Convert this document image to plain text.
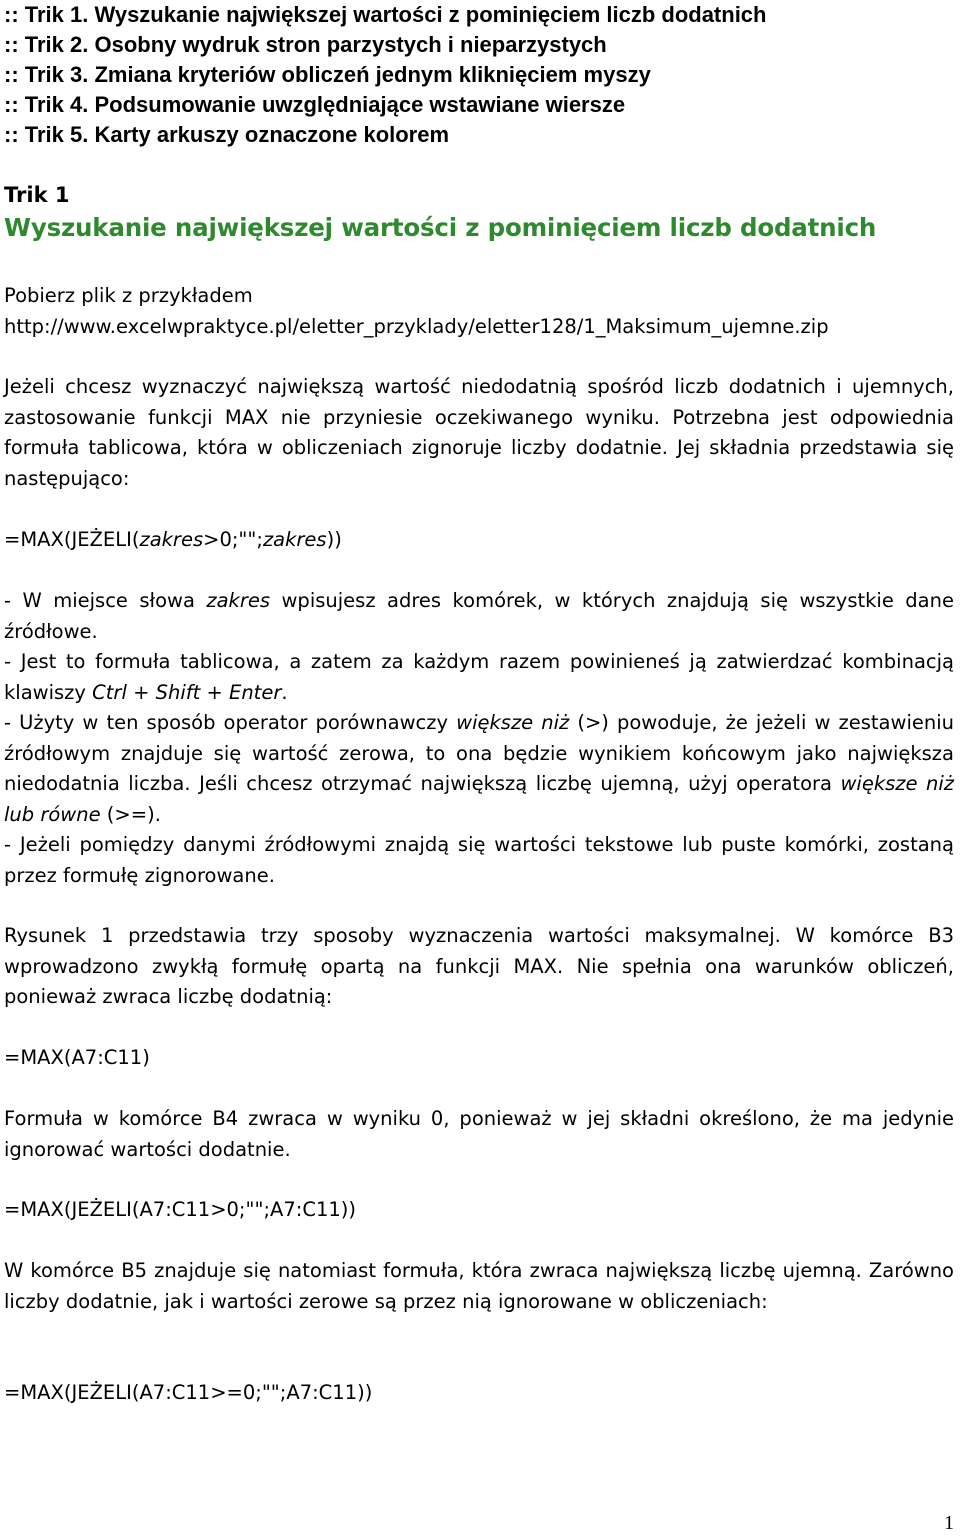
:: Trik 1. Wyszukanie największej wartości z pominięciem liczb dodatnich
:: Trik 2. Osobny wydruk stron parzystych i nieparzystych
:: Trik 3. Zmiana kryteriów obliczeń jednym kliknięciem myszy
:: Trik 4. Podsumowanie uwzględniające wstawiane wiersze
:: Trik 5. Karty arkuszy oznaczone kolorem
Trik 1
Wyszukanie największej wartości z pominięciem liczb dodatnich
Pobierz plik z przykładem
http://www.excelwpraktyce.pl/eletter_przyklady/eletter128/1_Maksimum_ujemne.zip
Jeżeli chcesz wyznaczyć największą wartość niedodatnią spośród liczb dodatnich i ujemnych, zastosowanie funkcji MAX nie przyniesie oczekiwanego wyniku. Potrzebna jest odpowiednia formuła tablicowa, która w obliczeniach zignoruje liczby dodatnie. Jej składnia przedstawia się następująco:
=MAX(JEŻELI(zakres>0;"";zakres))
- W miejsce słowa zakres wpisujesz adres komórek, w których znajdują się wszystkie dane źródłowe.
- Jest to formuła tablicowa, a zatem za każdym razem powinieneś ją zatwierdzać kombinacją klawiszy Ctrl + Shift + Enter.
- Użyty w ten sposób operator porównawczy większe niż (>) powoduje, że jeżeli w zestawieniu źródłowym znajduje się wartość zerowa, to ona będzie wynikiem końcowym jako największa niedodatnia liczba. Jeśli chcesz otrzymać największą liczbę ujemną, użyj operatora większe niż lub równe (>=).
- Jeżeli pomiędzy danymi źródłowymi znajdą się wartości tekstowe lub puste komórki, zostaną przez formułę zignorowane.
Rysunek 1 przedstawia trzy sposoby wyznaczenia wartości maksymalnej. W komórce B3 wprowadzono zwykłą formułę opartą na funkcji MAX. Nie spełnia ona warunków obliczeń, ponieważ zwraca liczbę dodatnią:
=MAX(A7:C11)
Formuła w komórce B4 zwraca w wyniku 0, ponieważ w jej składni określono, że ma jedynie ignorować wartości dodatnie.
=MAX(JEŻELI(A7:C11>0;"";A7:C11))
W komórce B5 znajduje się natomiast formuła, która zwraca największą liczbę ujemną. Zarówno liczby dodatnie, jak i wartości zerowe są przez nią ignorowane w obliczeniach:
=MAX(JEŻELI(A7:C11>=0;"";A7:C11))
1
